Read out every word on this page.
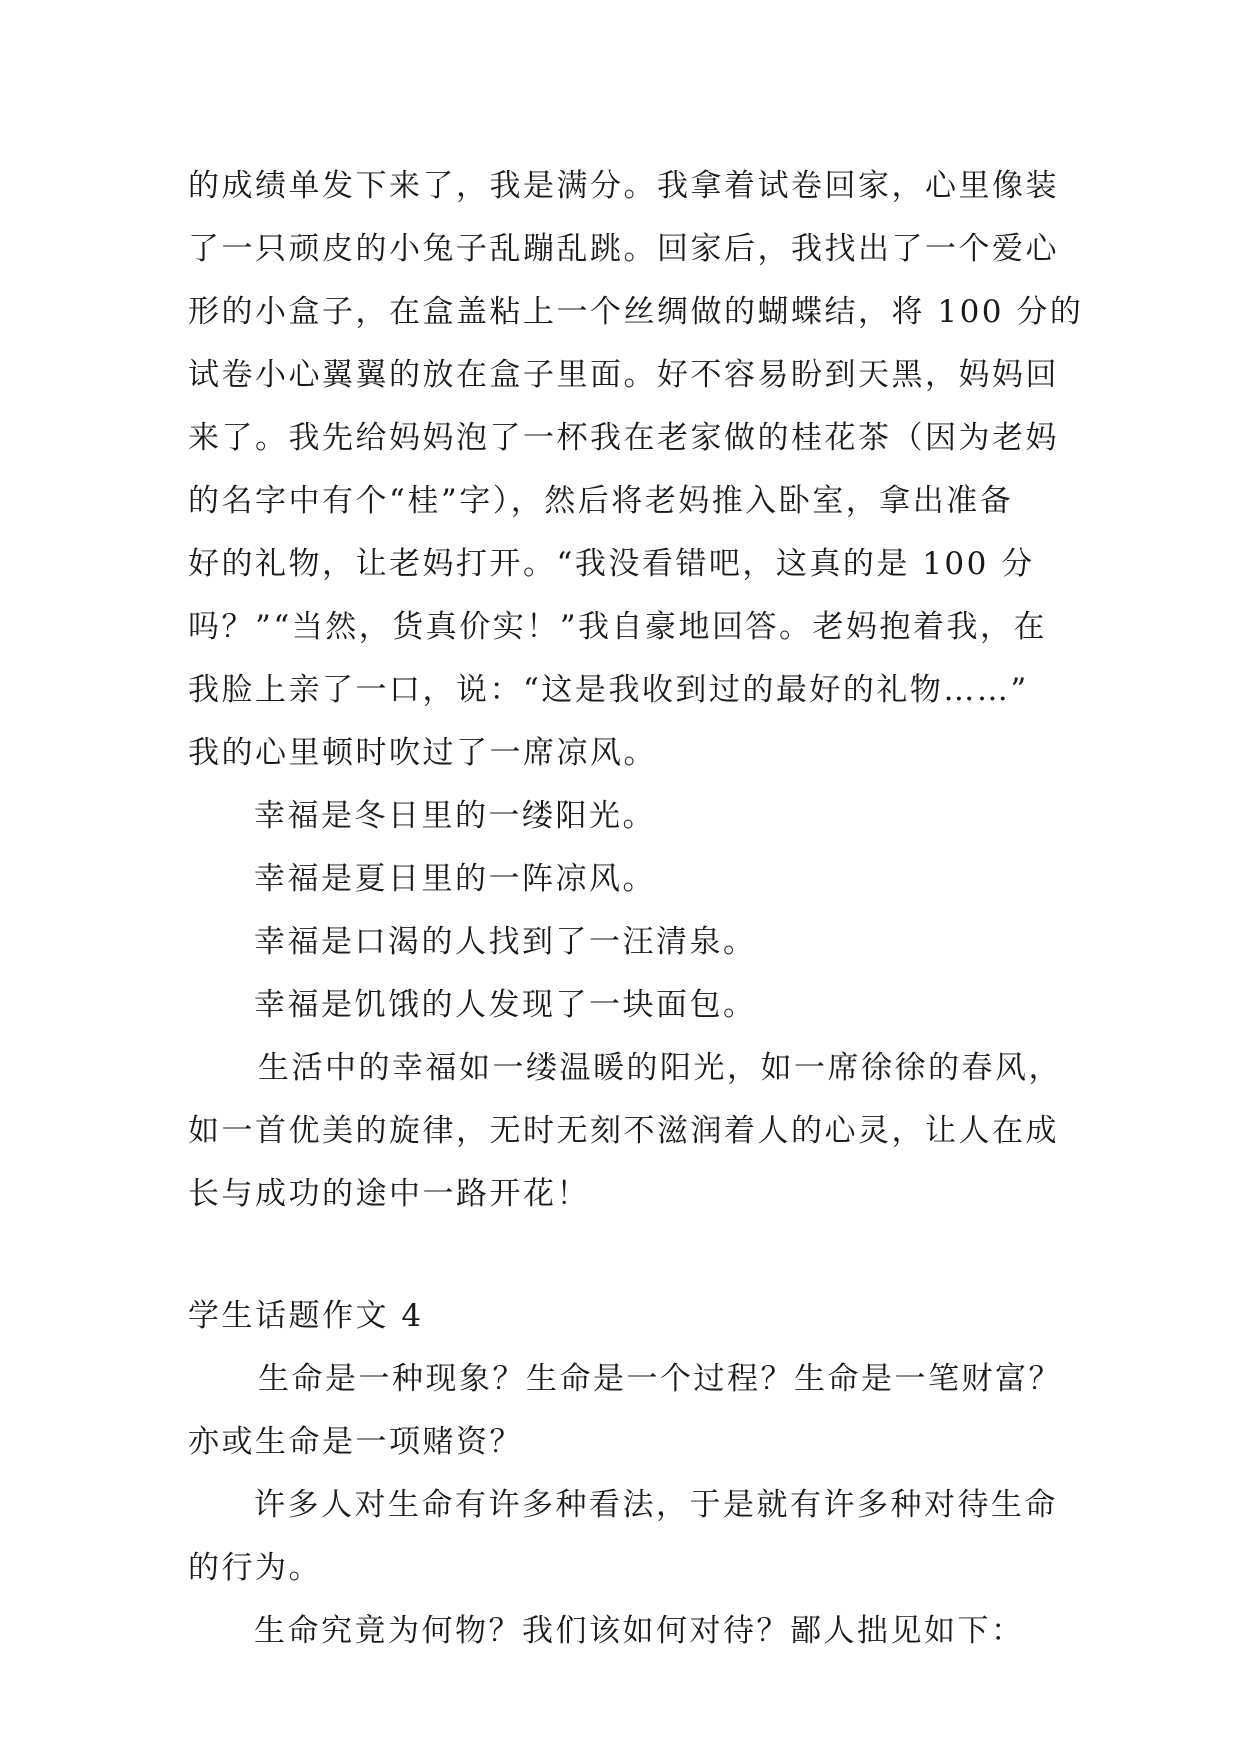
的成绩单发下来了，我是满分。我拿着试卷回家，心里像装
了一只顽皮的小兔子乱蹦乱跳。回家后，我找出了一个爱心
形的小盒子，在盒盖粘上一个丝绸做的蝴蝶结，将 100 分的
试卷小心翼翼的放在盒子里面。好不容易盼到天黑，妈妈回
来了。我先给妈妈泡了一杯我在老家做的桂花茶（因为老妈
的名字中有个“桂”字），然后将老妈推入卧室，拿出准备
好的礼物，让老妈打开。“我没看错吧，这真的是 100 分
吗？”“当然，货真价实！”我自豪地回答。老妈抱着我，在
我脸上亲了一口，说：“这是我收到过的最好的礼物……”
我的心里顿时吹过了一席凉风。
幸福是冬日里的一缕阳光。
幸福是夏日里的一阵凉风。
幸福是口渴的人找到了一汪清泉。
幸福是饥饿的人发现了一块面包。
生活中的幸福如一缕温暖的阳光，如一席徐徐的春风，
如一首优美的旋律，无时无刻不滋润着人的心灵，让人在成
长与成功的途中一路开花！
学生话题作文 4
生命是一种现象？生命是一个过程？生命是一笔财富？
亦或生命是一项赌资？
许多人对生命有许多种看法，于是就有许多种对待生命
的行为。
生命究竟为何物？我们该如何对待？鄙人拙见如下：
